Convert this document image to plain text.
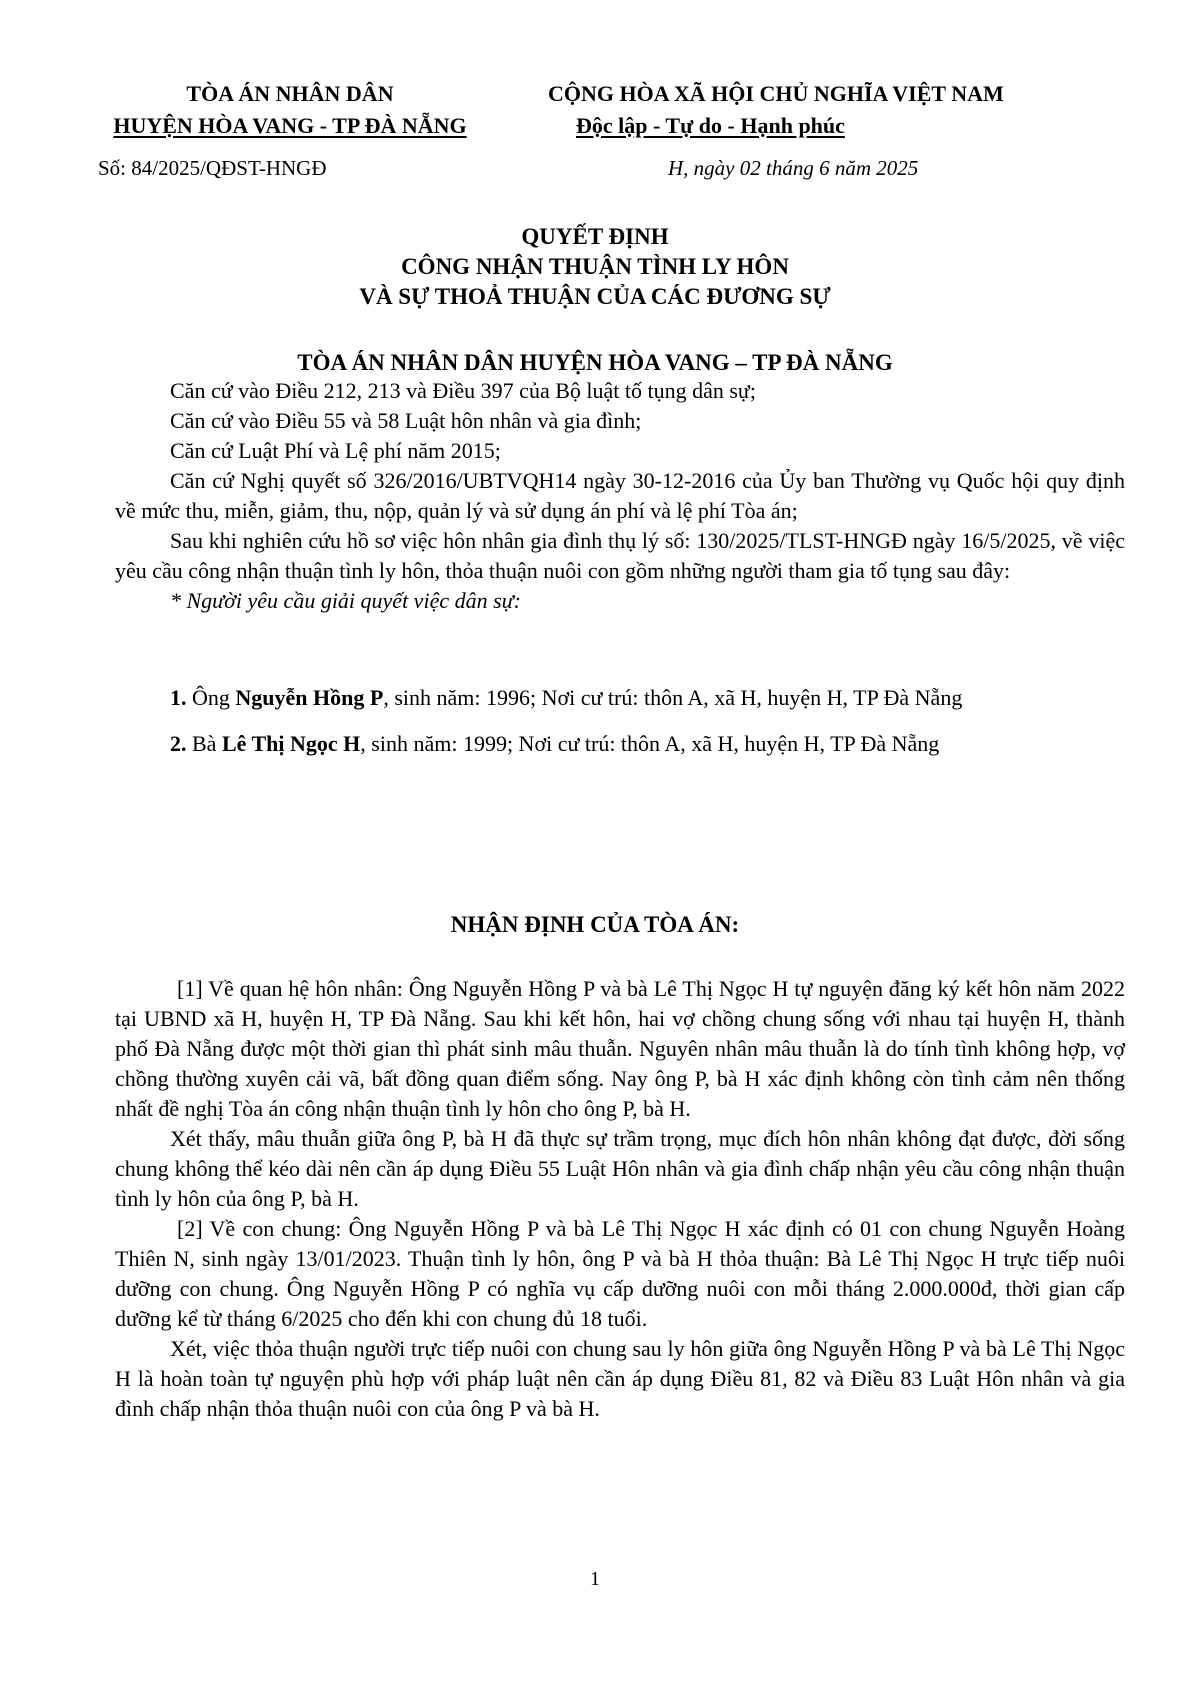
TÒA ÁN NHÂN DÂN
HUYỆN HÒA VANG - TP ĐÀ NẴNG
CỘNG HÒA XÃ HỘI CHỦ NGHĨA VIỆT NAM
Độc lập - Tự do - Hạnh phúc
Số: 84/2025/QĐST-HNGĐ	H, ngày 02 tháng 6 năm 2025
QUYẾT ĐỊNH
CÔNG NHẬN THUẬN TÌNH LY HÔN
VÀ SỰ THOẢ THUẬN CỦA CÁC ĐƯƠNG SỰ
TÒA ÁN NHÂN DÂN HUYỆN HÒA VANG – TP ĐÀ NẴNG

Căn cứ vào Điều 212, 213 và Điều 397 của Bộ luật tố tụng dân sự;

Căn cứ vào Điều 55 và 58 Luật hôn nhân và gia đình;

Căn cứ Luật Phí và Lệ phí năm 2015;

Căn cứ Nghị quyết số 326/2016/UBTVQH14 ngày 30-12-2016 của Ủy ban Thường vụ Quốc hội quy định về mức thu, miễn, giảm, thu, nộp, quản lý và sử dụng án phí và lệ phí Tòa án;

Sau khi nghiên cứu hồ sơ việc hôn nhân gia đình thụ lý số: 130/2025/TLST-HNGĐ ngày 16/5/2025, về việc yêu cầu công nhận thuận tình ly hôn, thỏa thuận nuôi con gồm những người tham gia tố tụng sau đây:

* Người yêu cầu giải quyết việc dân sự:

1. Ông Nguyễn Hồng P, sinh năm: 1996; Nơi cư trú: thôn A, xã H, huyện H, TP Đà Nẵng

2. Bà Lê Thị Ngọc H, sinh năm: 1999; Nơi cư trú: thôn A, xã H, huyện H, TP Đà Nẵng

NHẬN ĐỊNH CỦA TÒA ÁN:

[1] Về quan hệ hôn nhân: Ông Nguyễn Hồng P và bà Lê Thị Ngọc H tự nguyện đăng ký kết hôn năm 2022 tại UBND xã H, huyện H, TP Đà Nẵng. Sau khi kết hôn, hai vợ chồng chung sống với nhau tại huyện H, thành phố Đà Nẵng được một thời gian thì phát sinh mâu thuẫn. Nguyên nhân mâu thuẫn là do tính tình không hợp, vợ chồng thường xuyên cải vã, bất đồng quan điểm sống. Nay ông P, bà H xác định không còn tình cảm nên thống nhất đề nghị Tòa án công nhận thuận tình ly hôn cho ông P, bà H.

Xét thấy, mâu thuẫn giữa ông P, bà H đã thực sự trầm trọng, mục đích hôn nhân không đạt được, đời sống chung không thể kéo dài nên cần áp dụng Điều 55 Luật Hôn nhân và gia đình chấp nhận yêu cầu công nhận thuận tình ly hôn của ông P, bà H.

[2] Về con chung: Ông Nguyễn Hồng P và bà Lê Thị Ngọc H xác định có 01 con chung Nguyễn Hoàng Thiên N, sinh ngày 13/01/2023. Thuận tình ly hôn, ông P và bà H thỏa thuận: Bà Lê Thị Ngọc H trực tiếp nuôi dưỡng con chung. Ông Nguyễn Hồng P có nghĩa vụ cấp dưỡng nuôi con mỗi tháng 2.000.000đ, thời gian cấp dưỡng kể từ tháng 6/2025 cho đến khi con chung đủ 18 tuổi.

Xét, việc thỏa thuận người trực tiếp nuôi con chung sau ly hôn giữa ông Nguyễn Hồng P và bà Lê Thị Ngọc H là hoàn toàn tự nguyện phù hợp với pháp luật nên cần áp dụng Điều 81, 82 và Điều 83 Luật Hôn nhân và gia đình chấp nhận thỏa thuận nuôi con của ông P và bà H.

1
